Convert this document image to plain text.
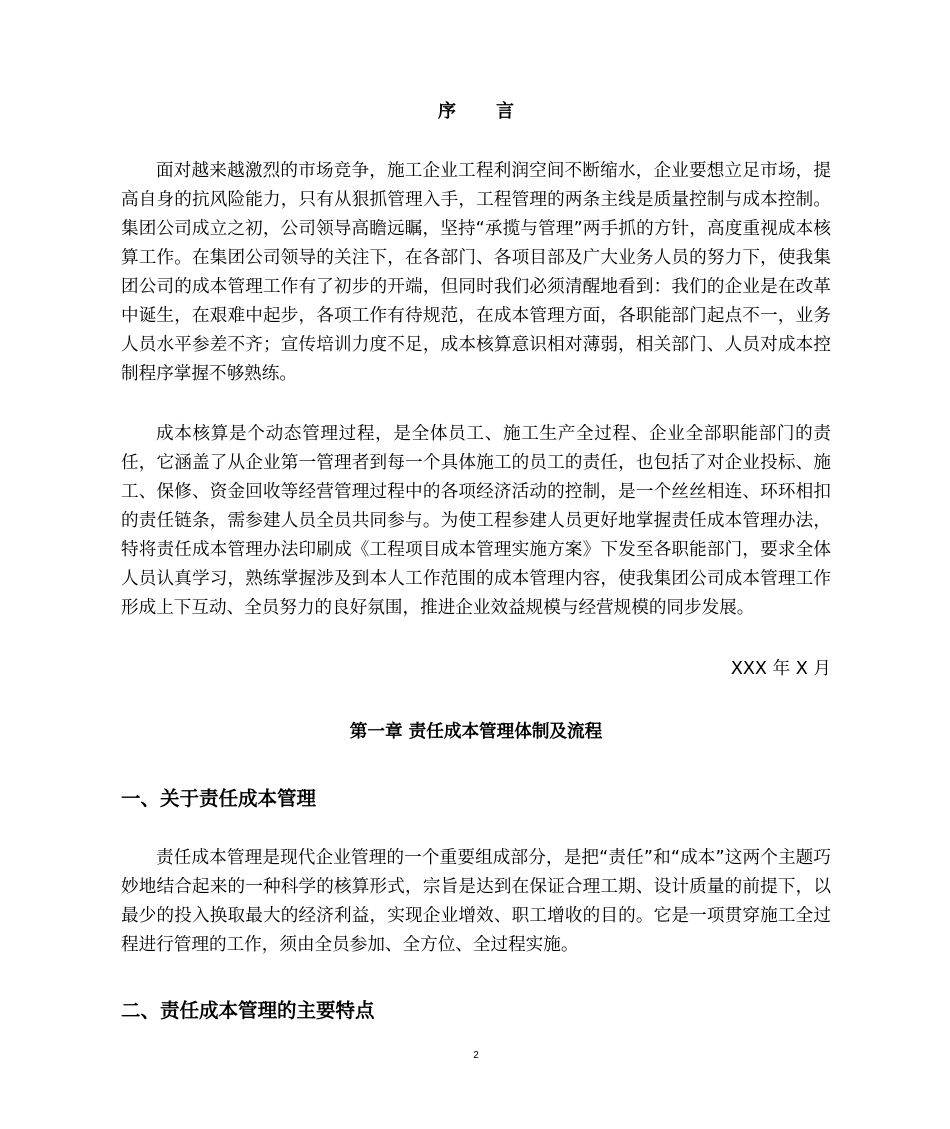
序言

面对越来越激烈的市场竞争，施工企业工程利润空间不断缩水，企业要想立足市场，提高自身的抗风险能力，只有从狠抓管理入手，工程管理的两条主线是质量控制与成本控制。集团公司成立之初，公司领导高瞻远瞩，坚持“承揽与管理”两手抓的方针，高度重视成本核算工作。在集团公司领导的关注下，在各部门、各项目部及广大业务人员的努力下，使我集团公司的成本管理工作有了初步的开端，但同时我们必须清醒地看到：我们的企业是在改革中诞生，在艰难中起步，各项工作有待规范，在成本管理方面，各职能部门起点不一，业务人员水平参差不齐；宣传培训力度不足，成本核算意识相对薄弱，相关部门、人员对成本控制程序掌握不够熟练。

成本核算是个动态管理过程，是全体员工、施工生产全过程、企业全部职能部门的责任，它涵盖了从企业第一管理者到每一个具体施工的员工的责任，也包括了对企业投标、施工、保修、资金回收等经营管理过程中的各项经济活动的控制，是一个丝丝相连、环环相扣的责任链条，需参建人员全员共同参与。为使工程参建人员更好地掌握责任成本管理办法，特将责任成本管理办法印刷成《工程项目成本管理实施方案》下发至各职能部门，要求全体人员认真学习，熟练掌握涉及到本人工作范围的成本管理内容，使我集团公司成本管理工作形成上下互动、全员努力的良好氛围，推进企业效益规模与经营规模的同步发展。

XXX 年 X 月
第一章 责任成本管理体制及流程
一、关于责任成本管理

责任成本管理是现代企业管理的一个重要组成部分，是把“责任”和“成本”这两个主题巧妙地结合起来的一种科学的核算形式，宗旨是达到在保证合理工期、设计质量的前提下，以最少的投入换取最大的经济利益，实现企业增效、职工增收的目的。它是一项贯穿施工全过程进行管理的工作，须由全员参加、全方位、全过程实施。

二、责任成本管理的主要特点
2
